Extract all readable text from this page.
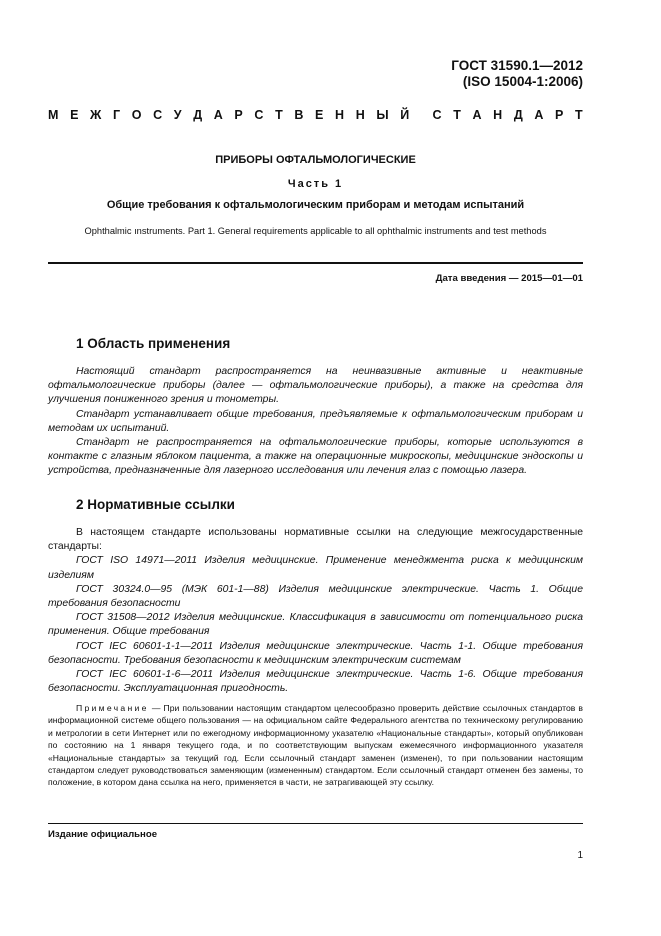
ГОСТ 31590.1—2012
(ISO 15004-1:2006)
М Е Ж Г О С У Д А Р С Т В Е Н Н Ы Й С Т А Н Д А Р Т
ПРИБОРЫ ОФТАЛЬМОЛОГИЧЕСКИЕ
Часть 1
Общие требования к офтальмологическим приборам и методам испытаний
Ophthalmic ınstruments. Part 1. General requirements applicable to all ophthalmic instruments and test methods
Дата введения — 2015—01—01
1 Область применения

Настоящий стандарт распространяется на неинвазивные активные и неактивные офтальмологические приборы (далее — офтальмологические приборы), а также на средства для улучшения пониженного зрения и тонометры.

Стандарт устанавливает общие требования, предъявляемые к офтальмологическим приборам и методам их испытаний.

Стандарт не распространяется на офтальмологические приборы, которые используются в контакте с глазным яблоком пациента, а также на операционные микроскопы, медицинские эндоскопы и устройства, предназначенные для лазерного исследования или лечения глаз с помощью лазера.

2 Нормативные ссылки

В настоящем стандарте использованы нормативные ссылки на следующие межгосударственные стандарты:

ГОСТ ISO 14971—2011 Изделия медицинские. Применение менеджмента риска к медицинским изделиям

ГОСТ 30324.0—95 (МЭК 601-1—88) Изделия медицинские электрические. Часть 1. Общие требования безопасности

ГОСТ 31508—2012 Изделия медицинские. Классификация в зависимости от потенциального риска применения. Общие требования

ГОСТ IEC 60601-1-1—2011 Изделия медицинские электрические. Часть 1-1. Общие требования безопасности. Требования безопасности к медицинским электрическим системам

ГОСТ IEC 60601-1-6—2011 Изделия медицинские электрические. Часть 1-6. Общие требования безопасности. Эксплуатационная пригодность.

Примечание — При пользовании настоящим стандартом целесообразно проверить действие ссылочных стандартов в информационной системе общего пользования — на официальном сайте Федерального агентства по техническому регулированию и метрологии в сети Интернет или по ежегодному информационному указателю «Национальные стандарты», который опубликован по состоянию на 1 января текущего года, и по соответствующим выпускам ежемесячного информационного указателя «Национальные стандарты» за текущий год. Если ссылочный стандарт заменен (изменен), то при пользовании настоящим стандартом следует руководствоваться заменяющим (измененным) стандартом. Если ссылочный стандарт отменен без замены, то положение, в котором дана ссылка на него, применяется в части, не затрагивающей эту ссылку.

Издание официальное
1
